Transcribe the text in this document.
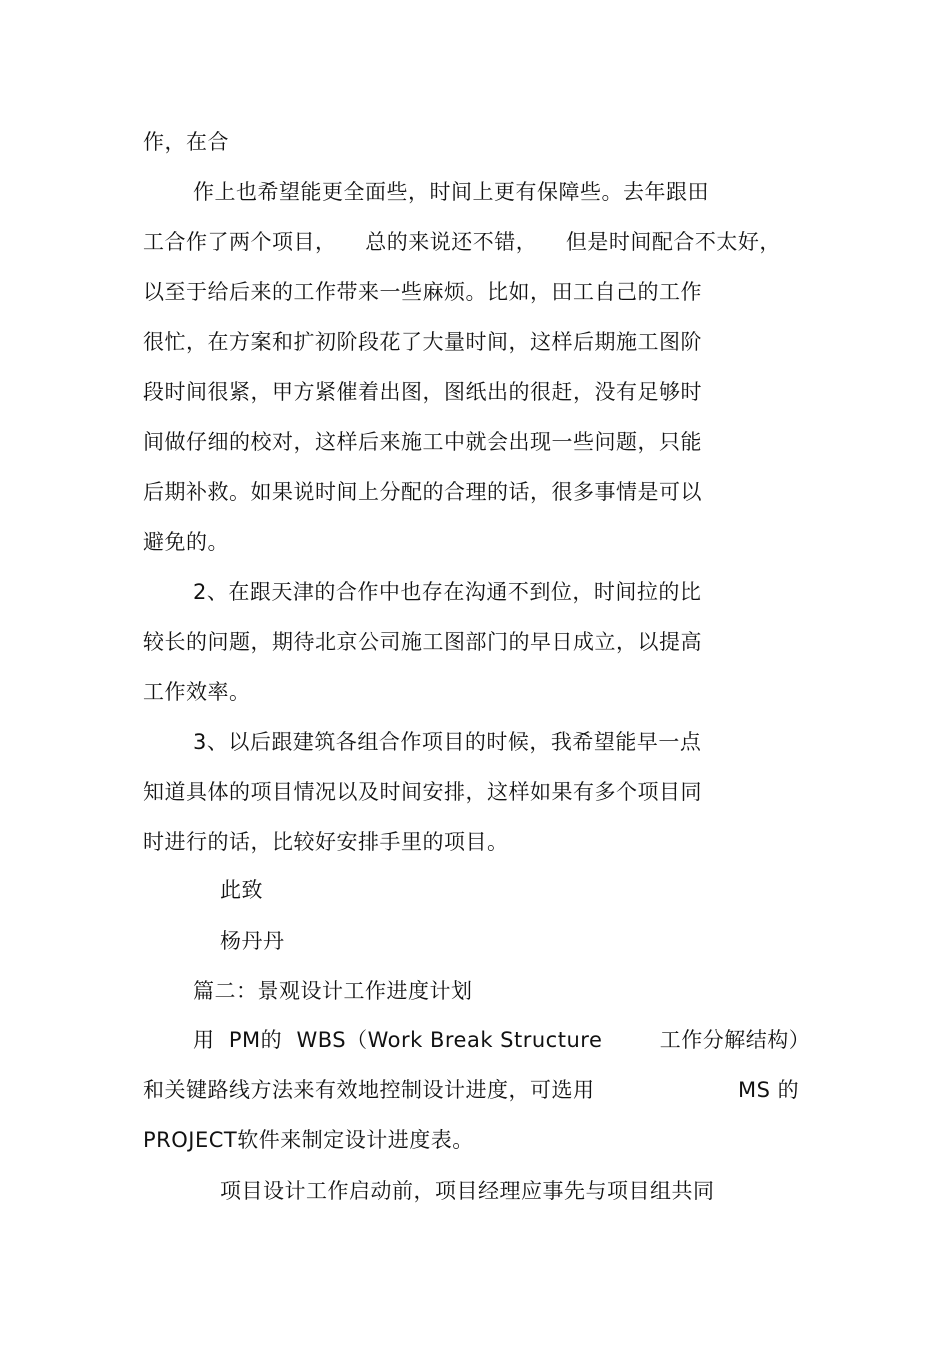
作，在合
作上也希望能更全面些，时间上更有保障些。去年跟田
工合作了两个项目，    总的来说还不错，    但是时间配合不太好，
以至于给后来的工作带来一些麻烦。比如，田工自己的工作
很忙，在方案和扩初阶段花了大量时间，这样后期施工图阶
段时间很紧，甲方紧催着出图，图纸出的很赶，没有足够时
间做仔细的校对，这样后来施工中就会出现一些问题，只能
后期补救。如果说时间上分配的合理的话，很多事情是可以
避免的。
2、在跟天津的合作中也存在沟通不到位，时间拉的比
较长的问题，期待北京公司施工图部门的早日成立，以提高
工作效率。
3、以后跟建筑各组合作项目的时候，我希望能早一点
知道具体的项目情况以及时间安排，这样如果有多个项目同
时进行的话，比较好安排手里的项目。
此致
杨丹丹
篇二：景观设计工作进度计划
用  PM的  WBS（Work Break Structure        工作分解结构）
和关键路线方法来有效地控制设计进度，可选用	MS 的
PROJECT软件来制定设计进度表。
项目设计工作启动前，项目经理应事先与项目组共同
